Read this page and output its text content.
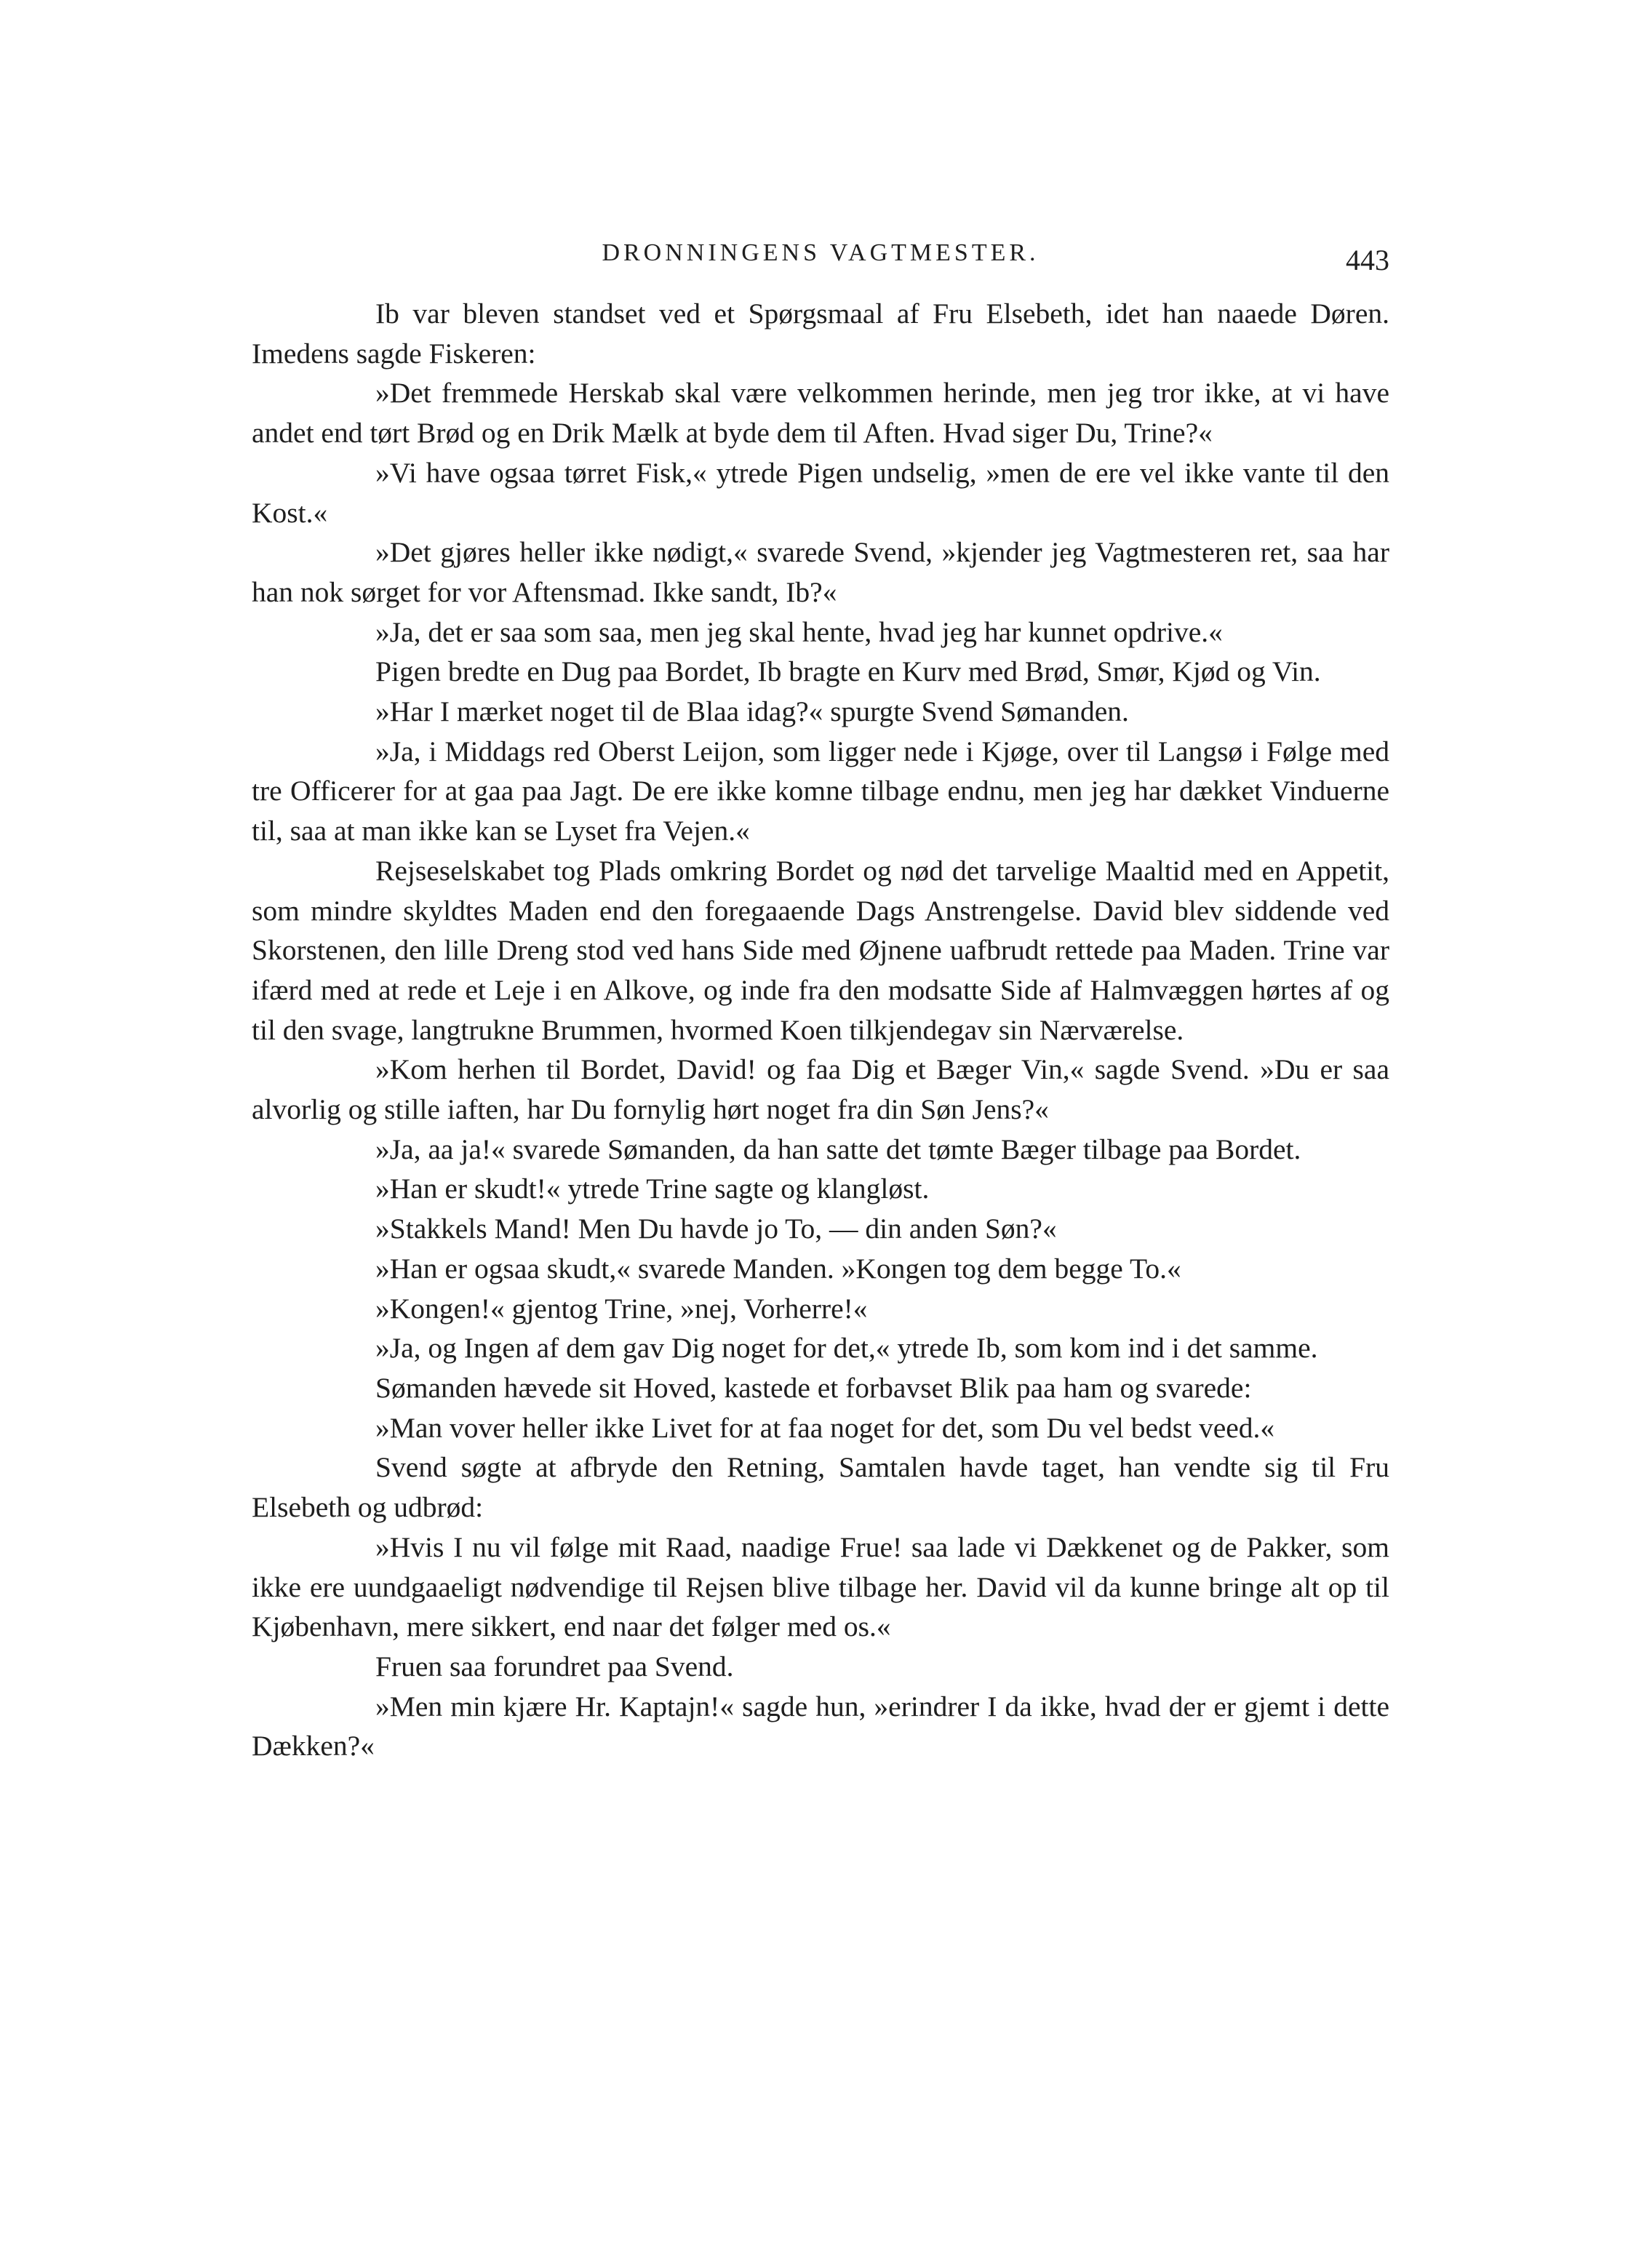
DRONNINGENS VAGTMESTER.	443

Ib var bleven standset ved et Spørgsmaal af Fru Elsebeth, idet han naaede Døren. Imedens sagde Fiskeren:

»Det fremmede Herskab skal være velkommen herinde, men jeg tror ikke, at vi have andet end tørt Brød og en Drik Mælk at byde dem til Aften. Hvad siger Du, Trine?«

»Vi have ogsaa tørret Fisk,« ytrede Pigen undselig, »men de ere vel ikke vante til den Kost.«

»Det gjøres heller ikke nødigt,« svarede Svend, »kjender jeg Vagtmesteren ret, saa har han nok sørget for vor Aftensmad. Ikke sandt, Ib?«

»Ja, det er saa som saa, men jeg skal hente, hvad jeg har kunnet opdrive.«

Pigen bredte en Dug paa Bordet, Ib bragte en Kurv med Brød, Smør, Kjød og Vin.

»Har I mærket noget til de Blaa idag?« spurgte Svend Sømanden.

»Ja, i Middags red Oberst Leijon, som ligger nede i Kjøge, over til Langsø i Følge med tre Officerer for at gaa paa Jagt. De ere ikke komne tilbage endnu, men jeg har dækket Vinduerne til, saa at man ikke kan se Lyset fra Vejen.«

Rejseselskabet tog Plads omkring Bordet og nød det tarvelige Maaltid med en Appetit, som mindre skyldtes Maden end den foregaaende Dags Anstrengelse. David blev siddende ved Skorstenen, den lille Dreng stod ved hans Side med Øjnene uafbrudt rettede paa Maden. Trine var ifærd med at rede et Leje i en Alkove, og inde fra den modsatte Side af Halmvæggen hørtes af og til den svage, langtrukne Brummen, hvormed Koen tilkjendegav sin Nærværelse.

»Kom herhen til Bordet, David! og faa Dig et Bæger Vin,« sagde Svend. »Du er saa alvorlig og stille iaften, har Du fornylig hørt noget fra din Søn Jens?«

»Ja, aa ja!« svarede Sømanden, da han satte det tømte Bæger tilbage paa Bordet.

»Han er skudt!« ytrede Trine sagte og klangløst.

»Stakkels Mand! Men Du havde jo To, — din anden Søn?«

»Han er ogsaa skudt,« svarede Manden. »Kongen tog dem begge To.«

»Kongen!« gjentog Trine, »nej, Vorherre!«

»Ja, og Ingen af dem gav Dig noget for det,« ytrede Ib, som kom ind i det samme.

Sømanden hævede sit Hoved, kastede et forbavset Blik paa ham og svarede:

»Man vover heller ikke Livet for at faa noget for det, som Du vel bedst veed.«

Svend søgte at afbryde den Retning, Samtalen havde taget, han vendte sig til Fru Elsebeth og udbrød:

»Hvis I nu vil følge mit Raad, naadige Frue! saa lade vi Dækkenet og de Pakker, som ikke ere uundgaaeligt nødvendige til Rejsen blive tilbage her. David vil da kunne bringe alt op til Kjøbenhavn, mere sikkert, end naar det følger med os.«

Fruen saa forundret paa Svend.

»Men min kjære Hr. Kaptajn!« sagde hun, »erindrer I da ikke, hvad der er gjemt i dette Dækken?«
